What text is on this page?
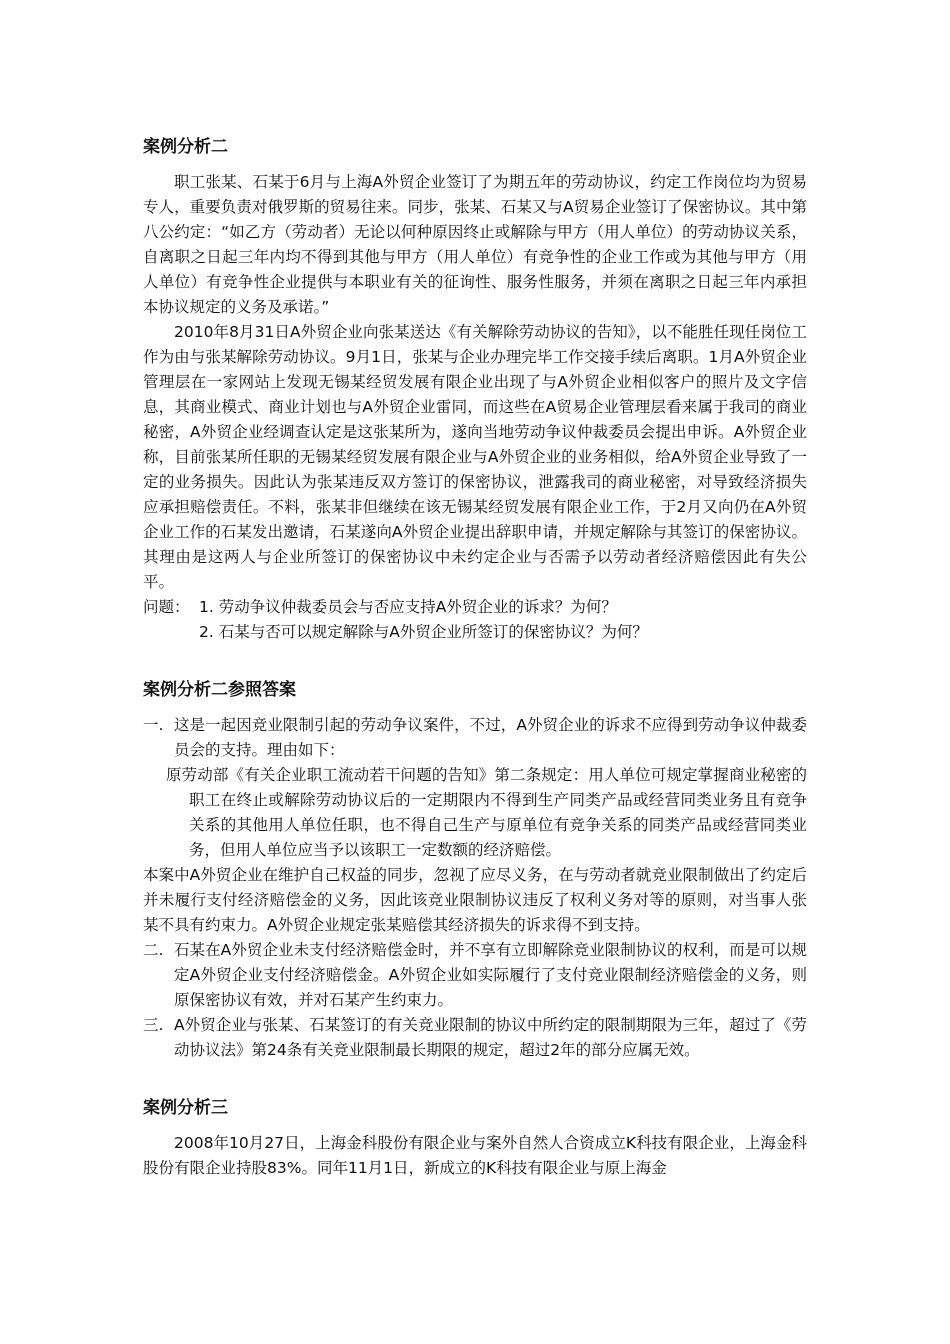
案例分析二

职工张某、石某于6月与上海A外贸企业签订了为期五年的劳动协议，约定工作岗位均为贸易专人，重要负责对俄罗斯的贸易往来。同步，张某、石某又与A贸易企业签订了保密协议。其中第八公约定：“如乙方（劳动者）无论以何种原因终止或解除与甲方（用人单位）的劳动协议关系，自离职之日起三年内均不得到其他与甲方（用人单位）有竞争性的企业工作或为其他与甲方（用人单位）有竞争性企业提供与本职业有关的征询性、服务性服务，并须在离职之日起三年内承担本协议规定的义务及承诺。”

2010年8月31日A外贸企业向张某送达《有关解除劳动协议的告知》，以不能胜任现任岗位工作为由与张某解除劳动协议。9月1日，张某与企业办理完毕工作交接手续后离职。1月A外贸企业管理层在一家网站上发现无锡某经贸发展有限企业出现了与A外贸企业相似客户的照片及文字信息，其商业模式、商业计划也与A外贸企业雷同，而这些在A贸易企业管理层看来属于我司的商业秘密，A外贸企业经调查认定是这张某所为，遂向当地劳动争议仲裁委员会提出申诉。A外贸企业称，目前张某所任职的无锡某经贸发展有限企业与A外贸企业的业务相似，给A外贸企业导致了一定的业务损失。因此认为张某违反双方签订的保密协议，泄露我司的商业秘密，对导致经济损失应承担赔偿责任。不料，张某非但继续在该无锡某经贸发展有限企业工作，于2月又向仍在A外贸企业工作的石某发出邀请，石某遂向A外贸企业提出辞职申请，并规定解除与其签订的保密协议。其理由是这两人与企业所签订的保密协议中未约定企业与否需予以劳动者经济赔偿因此有失公平。

问题： 1. 劳动争议仲裁委员会与否应支持A外贸企业的诉求？为何？
2. 石某与否可以规定解除与A外贸企业所签订的保密协议？为何？
案例分析二参照答案
一. 这是一起因竞业限制引起的劳动争议案件，不过，A外贸企业的诉求不应得到劳动争议仲裁委员会的支持。理由如下：

原劳动部《有关企业职工流动若干问题的告知》第二条规定：用人单位可规定掌握商业秘密的职工在终止或解除劳动协议后的一定期限内不得到生产同类产品或经营同类业务且有竞争关系的其他用人单位任职，也不得自己生产与原单位有竞争关系的同类产品或经营同类业务，但用人单位应当予以该职工一定数额的经济赔偿。

本案中A外贸企业在维护自己权益的同步，忽视了应尽义务，在与劳动者就竞业限制做出了约定后并未履行支付经济赔偿金的义务，因此该竞业限制协议违反了权利义务对等的原则，对当事人张某不具有约束力。A外贸企业规定张某赔偿其经济损失的诉求得不到支持。

二. 石某在A外贸企业未支付经济赔偿金时，并不享有立即解除竞业限制协议的权利，而是可以规定A外贸企业支付经济赔偿金。A外贸企业如实际履行了支付竞业限制经济赔偿金的义务，则原保密协议有效，并对石某产生约束力。
三. A外贸企业与张某、石某签订的有关竞业限制的协议中所约定的限制期限为三年，超过了《劳动协议法》第24条有关竞业限制最长期限的规定，超过2年的部分应属无效。
案例分析三

2008年10月27日，上海金科股份有限企业与案外自然人合资成立K科技有限企业，上海金科股份有限企业持股83%。同年11月1日，新成立的K科技有限企业与原上海金
